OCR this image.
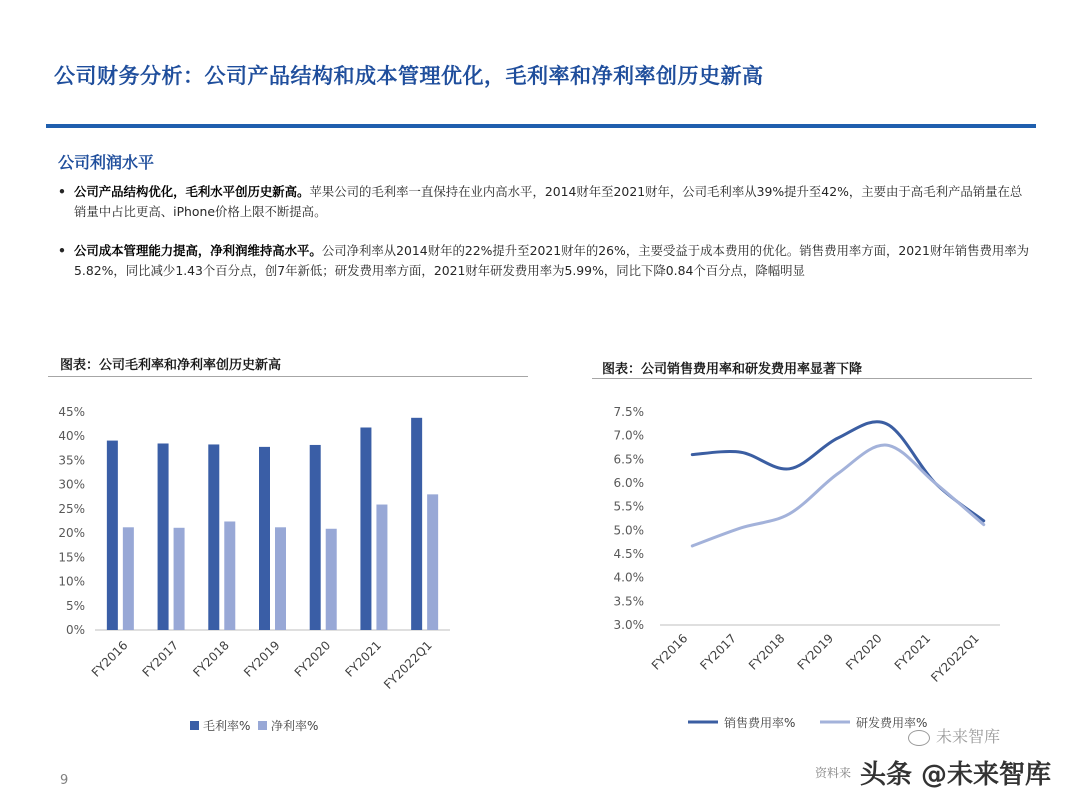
公司财务分析：公司产品结构和成本管理优化，毛利率和净利率创历史新高
公司利润水平
• 公司产品结构优化，毛利水平创历史新高。苹果公司的毛利率一直保持在业内高水平，2014财年至2021财年，公司毛利率从39%提升至42%，主要由于高毛利产品销量在总销量中占比更高、iPhone价格上限不断提高。
• 公司成本管理能力提高，净利润维持高水平。公司净利率从2014财年的22%提升至2021财年的26%，主要受益于成本费用的优化。销售费用率方面，2021财年销售费用率为5.82%，同比减少1.43个百分点，创7年新低；研发费用率方面，2021财年研发费用率为5.99%，同比下降0.84个百分点，降幅明显
图表：公司毛利率和净利率创历史新高	图表：公司销售费用率和研发费用率显著下降
0%
5%
10%
15%
20%
25%
30%
35%
40%
45%
FY2016 FY2017 FY2018 FY2019 FY2020 FY2021
FY2022Q1
毛利率% 净利率%
3.0%
3.5%
4.0%
4.5%
5.0%
5.5%
6.0%
6.5%
7.0%
7.5%
FY2016 FY2017 FY2018 FY2019 FY2020 FY2021
FY2022Q1
销售费用率%	研发费用率%
9	资料来
未来智库
头条 @未来智库
